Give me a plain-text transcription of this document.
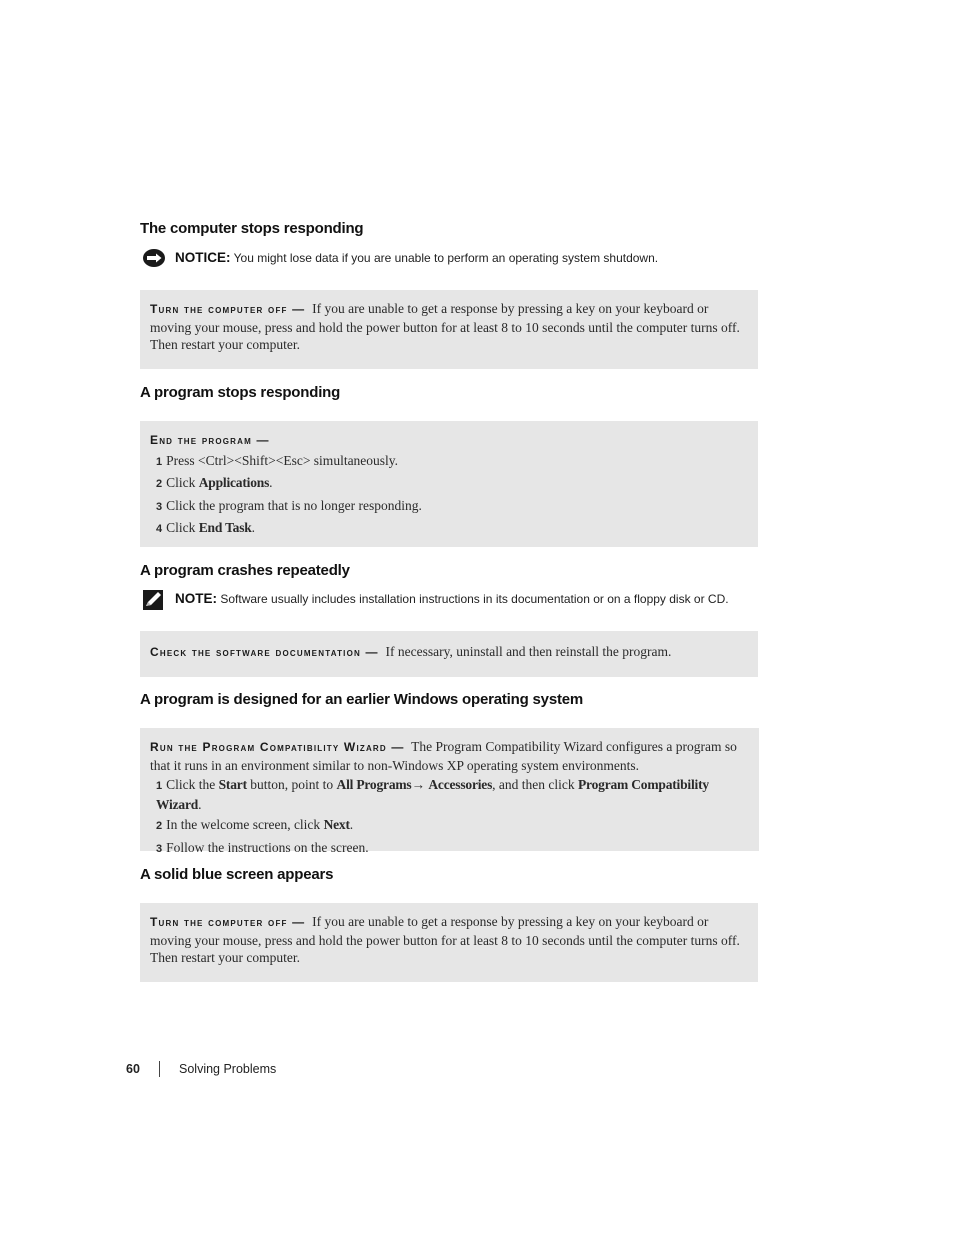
The computer stops responding
NOTICE: You might lose data if you are unable to perform an operating system shutdown.
Turn the computer off — If you are unable to get a response by pressing a key on your keyboard or moving your mouse, press and hold the power button for at least 8 to 10 seconds until the computer turns off. Then restart your computer.
A program stops responding
End the program —
1 Press <Ctrl><Shift><Esc> simultaneously.
2 Click Applications.
3 Click the program that is no longer responding.
4 Click End Task.
A program crashes repeatedly
NOTE: Software usually includes installation instructions in its documentation or on a floppy disk or CD.
Check the software documentation — If necessary, uninstall and then reinstall the program.
A program is designed for an earlier Windows operating system
Run the Program Compatibility Wizard — The Program Compatibility Wizard configures a program so that it runs in an environment similar to non-Windows XP operating system environments.
1 Click the Start button, point to All Programs→ Accessories, and then click Program Compatibility Wizard.
2 In the welcome screen, click Next.
3 Follow the instructions on the screen.
A solid blue screen appears
Turn the computer off — If you are unable to get a response by pressing a key on your keyboard or moving your mouse, press and hold the power button for at least 8 to 10 seconds until the computer turns off. Then restart your computer.
60	Solving Problems
